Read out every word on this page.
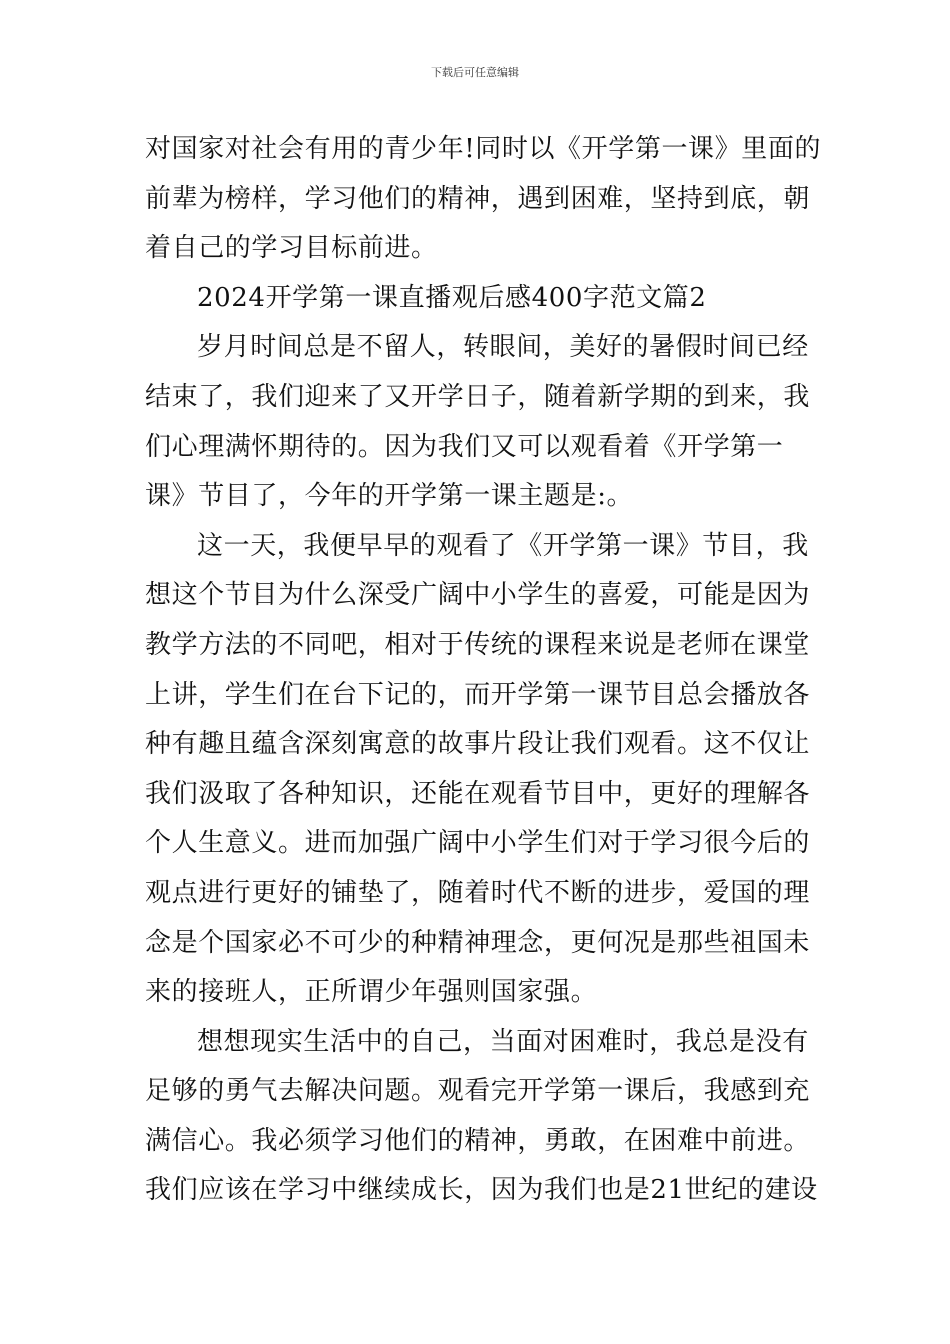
下载后可任意编辑

对国家对社会有用的青少年!同时以《开学第一课》里面的
前辈为榜样，学习他们的精神，遇到困难，坚持到底，朝
着自己的学习目标前进。

2024开学第一课直播观后感400字范文篇2

岁月时间总是不留人，转眼间，美好的暑假时间已经
结束了，我们迎来了又开学日子，随着新学期的到来，我
们心理满怀期待的。因为我们又可以观看着《开学第一
课》节目了，今年的开学第一课主题是:。

这一天，我便早早的观看了《开学第一课》节目，我
想这个节目为什么深受广阔中小学生的喜爱，可能是因为
教学方法的不同吧，相对于传统的课程来说是老师在课堂
上讲，学生们在台下记的，而开学第一课节目总会播放各
种有趣且蕴含深刻寓意的故事片段让我们观看。这不仅让
我们汲取了各种知识，还能在观看节目中，更好的理解各
个人生意义。进而加强广阔中小学生们对于学习很今后的
观点进行更好的铺垫了，随着时代不断的进步，爱国的理
念是个国家必不可少的种精神理念，更何况是那些祖国未
来的接班人，正所谓少年强则国家强。

想想现实生活中的自己，当面对困难时，我总是没有
足够的勇气去解决问题。观看完开学第一课后，我感到充
满信心。我必须学习他们的精神，勇敢，在困难中前进。
我们应该在学习中继续成长，因为我们也是21世纪的建设
